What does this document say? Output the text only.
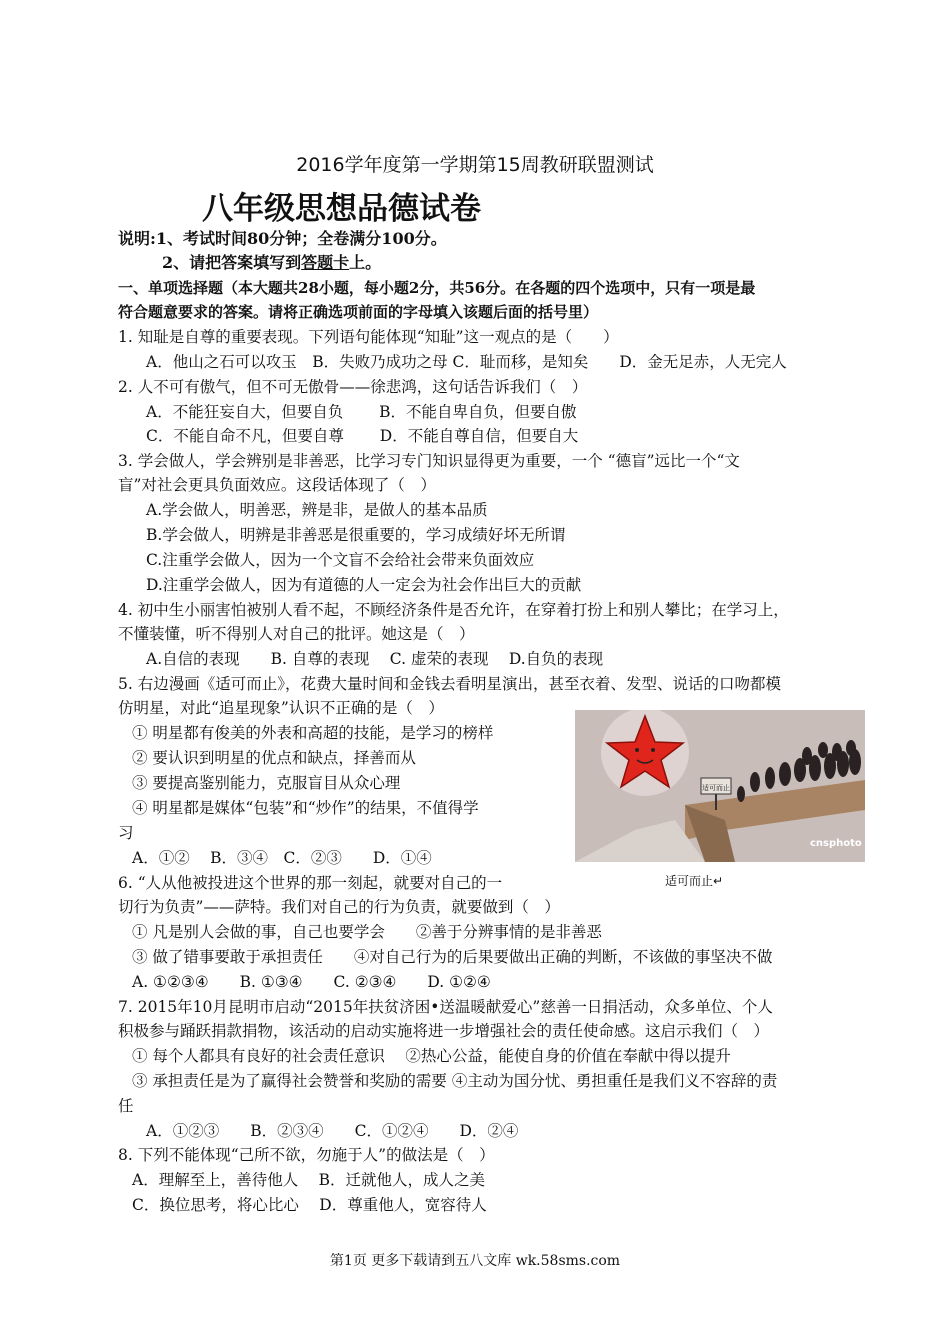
2016学年度第一学期第15周教研联盟测试
八年级思想品德试卷
说明:1、考试时间80分钟；全卷满分100分。
2、请把答案填写到答题卡上。
一、单项选择题（本大题共28小题，每小题2分，共56分。在各题的四个选项中，只有一项是最
符合题意要求的答案。请将正确选项前面的字母填入该题后面的括号里）
1. 知耻是自尊的重要表现。下列语句能体现“知耻”这一观点的是（　　）
A．他山之石可以攻玉　B．失败乃成功之母 C．耻而移，是知矣　　D．金无足赤，人无完人
2. 人不可有傲气，但不可无傲骨——徐悲鸿，这句话告诉我们（　）
A．不能狂妄自大，但要自负　　 B．不能自卑自负，但要自傲
C．不能自命不凡，但要自尊　　 D．不能自尊自信，但要自大
3. 学会做人，学会辨别是非善恶，比学习专门知识显得更为重要，一个 “德盲”远比一个“文
盲”对社会更具负面效应。这段话体现了（　）
A.学会做人，明善恶，辨是非，是做人的基本品质
B.学会做人，明辨是非善恶是很重要的，学习成绩好坏无所谓
C.注重学会做人，因为一个文盲不会给社会带来负面效应
D.注重学会做人，因为有道德的人一定会为社会作出巨大的贡献
4. 初中生小丽害怕被别人看不起，不顾经济条件是否允许，在穿着打扮上和别人攀比；在学习上，
不懂装懂，听不得别人对自己的批评。她这是（　）
A.自信的表现　　B. 自尊的表现　 C. 虚荣的表现　 D.自负的表现
5. 右边漫画《适可而止》，花费大量时间和金钱去看明星演出，甚至衣着、发型、说话的口吻都模
仿明星，对此“追星现象”认识不正确的是（　）
① 明星都有俊美的外表和高超的技能，是学习的榜样
② 要认识到明星的优点和缺点，择善而从
③ 要提高鉴别能力，克服盲目从众心理
④ 明星都是媒体“包装”和“炒作”的结果，不值得学
习
A．①②　 B．③④　C．②③　　D．①④
适可而止
cnsphoto
适可而止↵
6. “人从他被投进这个世界的那一刻起，就要对自己的一
切行为负责”——萨特。我们对自己的行为负责，就要做到（　）
① 凡是别人会做的事，自己也要学会　　②善于分辨事情的是非善恶
③ 做了错事要敢于承担责任　　④对自己行为的后果要做出正确的判断，不该做的事坚决不做
A. ①②③④　　B. ①③④　　C. ②③④　　D. ①②④
7. 2015年10月昆明市启动“2015年扶贫济困•送温暖献爱心”慈善一日捐活动，众多单位、个人
积极参与踊跃捐款捐物，该活动的启动实施将进一步增强社会的责任使命感。这启示我们（　）
① 每个人都具有良好的社会责任意识　 ②热心公益，能使自身的价值在奉献中得以提升
③ 承担责任是为了赢得社会赞誉和奖励的需要 ④主动为国分忧、勇担重任是我们义不容辞的责
任
A．①②③　　B．②③④　　C．①②④　　D．②④
8. 下列不能体现“己所不欲，勿施于人”的做法是（　）
A．理解至上，善待他人　 B．迁就他人，成人之美
C．换位思考，将心比心　 D．尊重他人，宽容待人
第1页 更多下载请到五八文库 wk.58sms.com
